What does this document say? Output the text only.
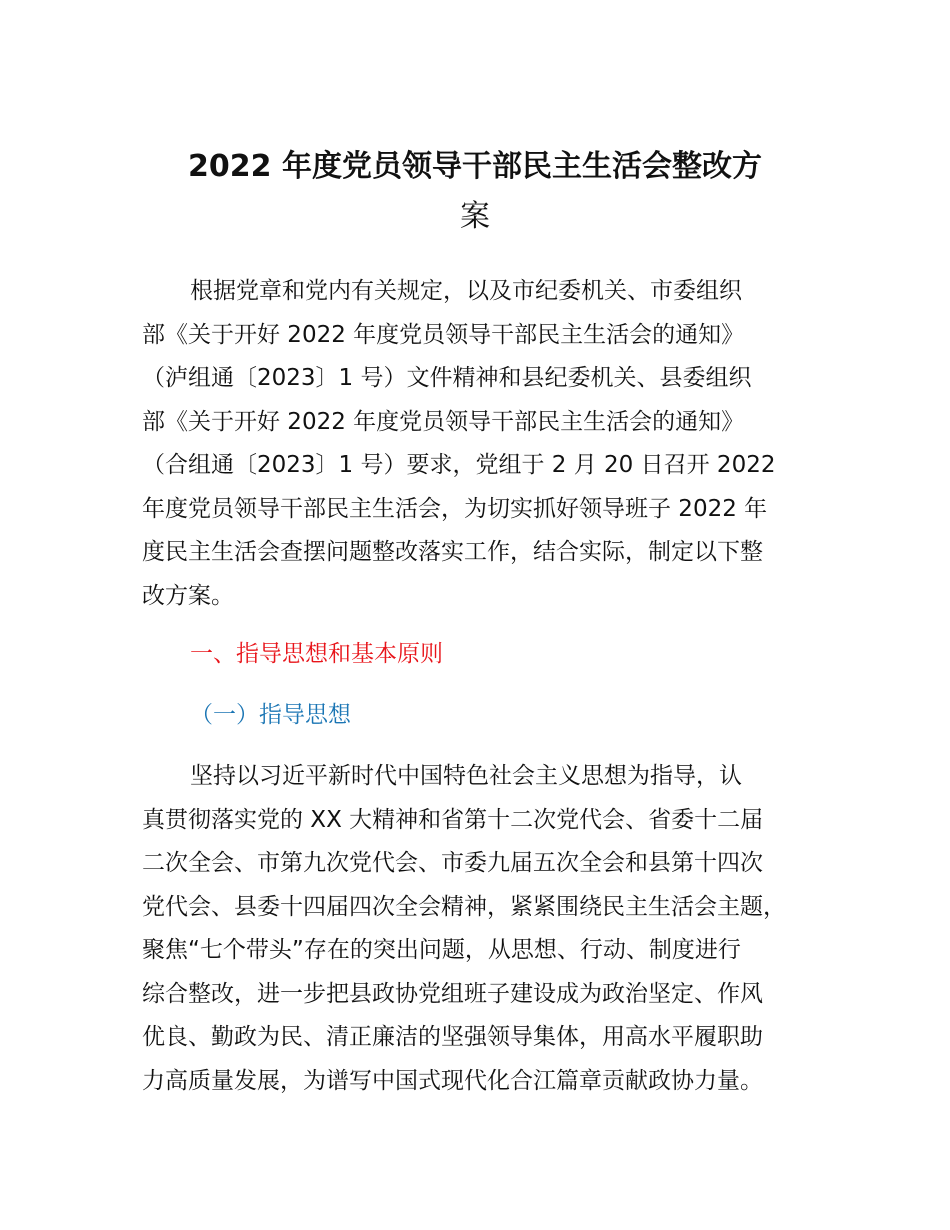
2022 年度党员领导干部民主生活会整改方
案
根据党章和党内有关规定，以及市纪委机关、市委组织
部《关于开好 2022 年度党员领导干部民主生活会的通知》
（泸组通〔2023〕1 号）文件精神和县纪委机关、县委组织
部《关于开好 2022 年度党员领导干部民主生活会的通知》
（合组通〔2023〕1 号）要求，党组于 2 月 20 日召开 2022
年度党员领导干部民主生活会，为切实抓好领导班子 2022 年
度民主生活会查摆问题整改落实工作，结合实际，制定以下整
改方案。
一、指导思想和基本原则
（一）指导思想
坚持以习近平新时代中国特色社会主义思想为指导，认
真贯彻落实党的 XX 大精神和省第十二次党代会、省委十二届
二次全会、市第九次党代会、市委九届五次全会和县第十四次
党代会、县委十四届四次全会精神，紧紧围绕民主生活会主题，
聚焦“七个带头”存在的突出问题，从思想、行动、制度进行
综合整改，进一步把县政协党组班子建设成为政治坚定、作风
优良、勤政为民、清正廉洁的坚强领导集体，用高水平履职助
力高质量发展，为谱写中国式现代化合江篇章贡献政协力量。
